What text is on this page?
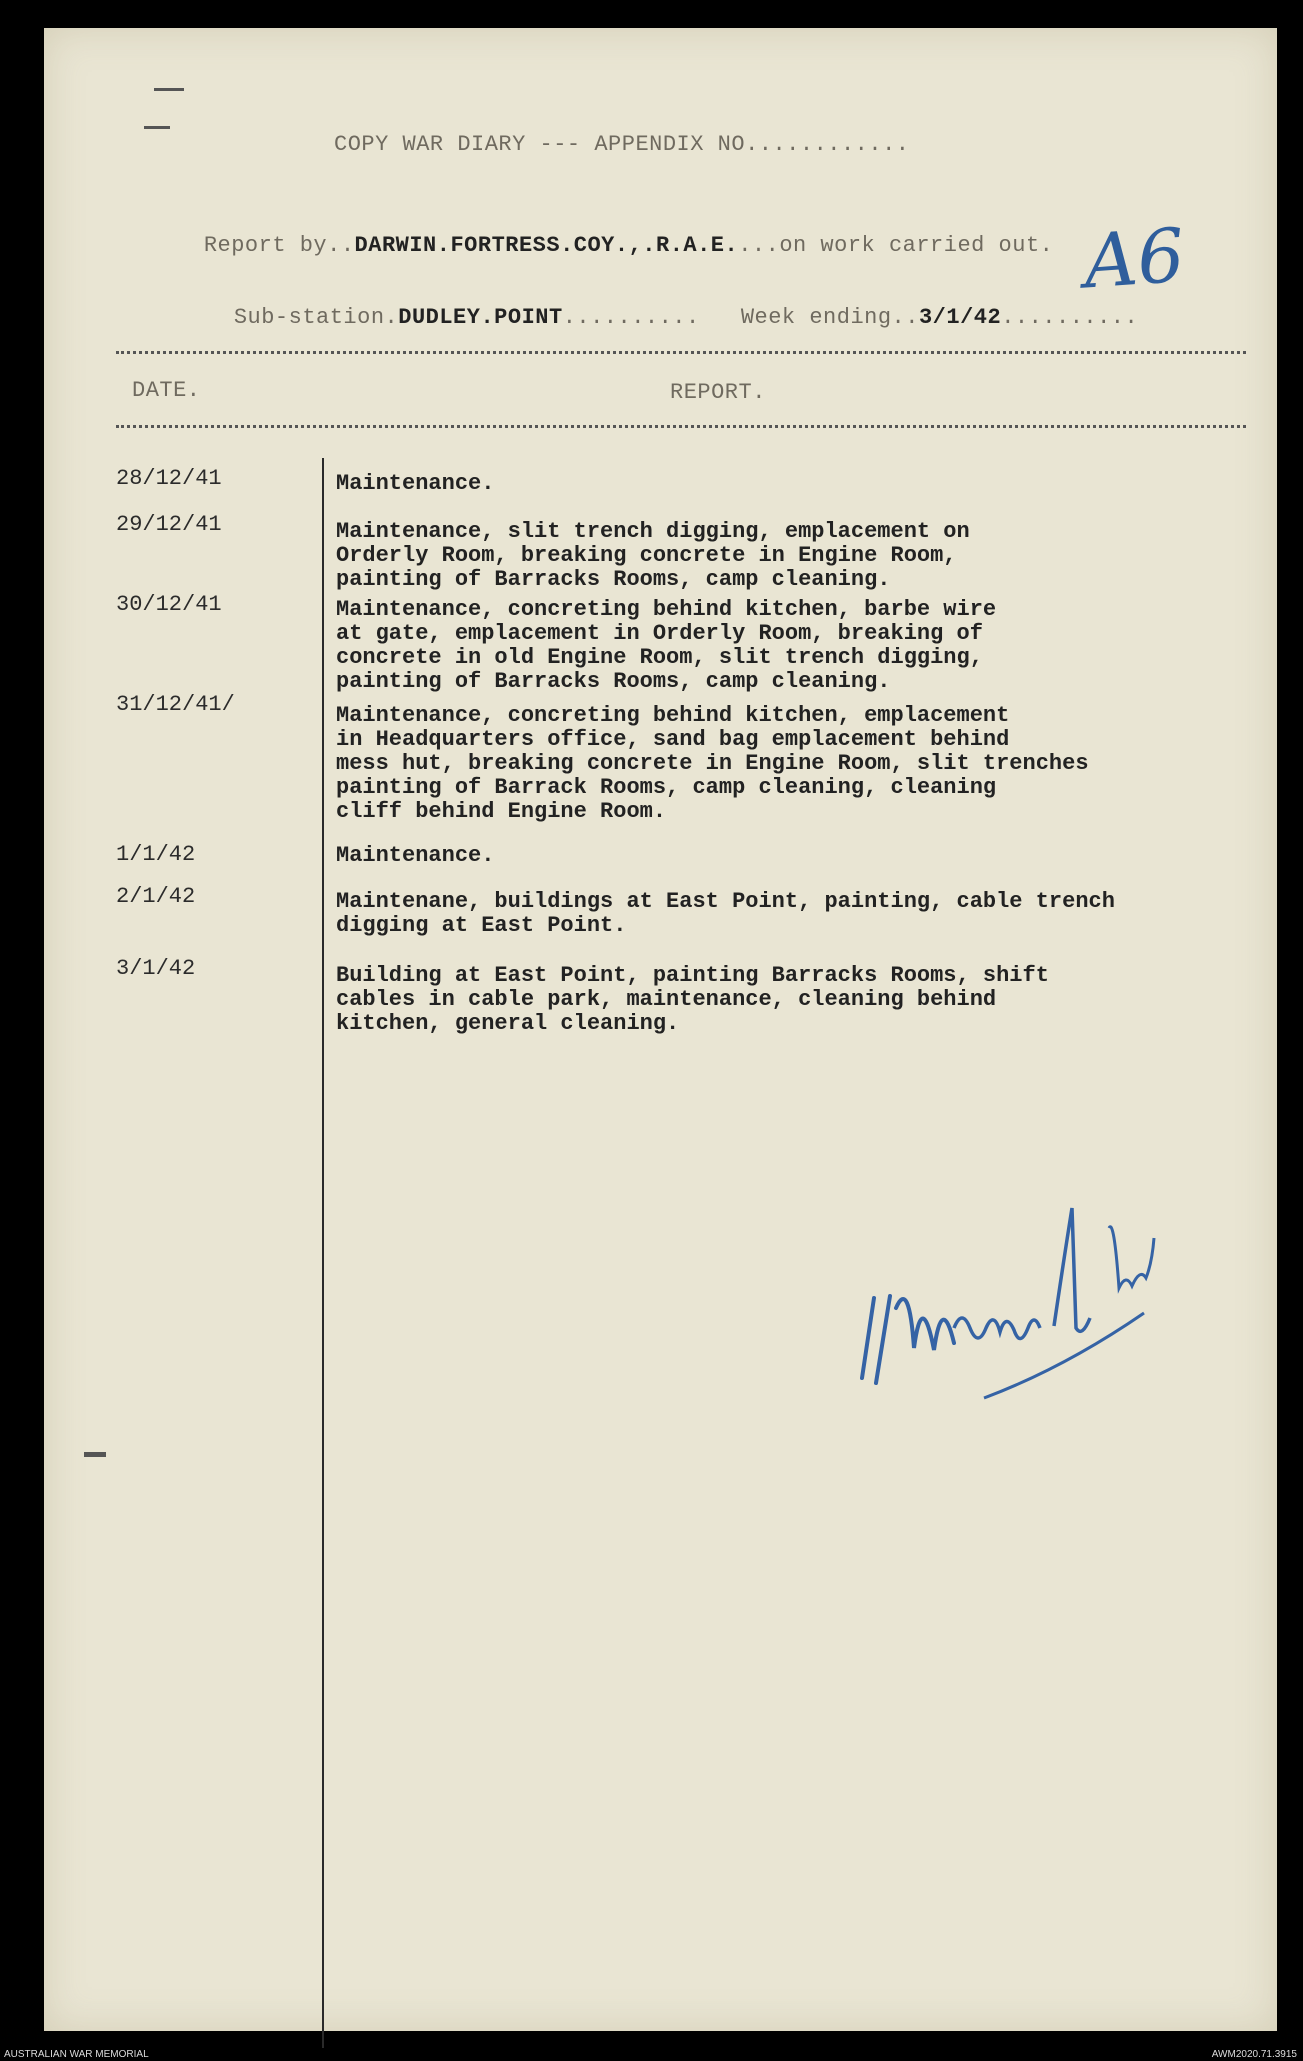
COPY WAR DIARY --- APPENDIX NO............

Report by..DARWIN.FORTRESS.COY.,.R.A.E....on work carried out.
A6

Sub-station.DUDLEY.POINT.......... Week ending..3/1/42..........

DATE.	REPORT.
28/12/41	Maintenance.
29/12/41	Maintenance, slit trench digging, emplacement on
Orderly Room, breaking concrete in Engine Room,
painting of Barracks Rooms, camp cleaning.
30/12/41	Maintenance, concreting behind kitchen, barbe wire
at gate, emplacement in Orderly Room, breaking of
concrete in old Engine Room, slit trench digging,
painting of Barracks Rooms, camp cleaning.
31/12/41/	Maintenance, concreting behind kitchen, emplacement
in Headquarters office, sand bag emplacement behind
mess hut, breaking concrete in Engine Room, slit trenches
painting of Barrack Rooms, camp cleaning, cleaning
cliff behind Engine Room.
1/1/42	Maintenance.
2/1/42	Maintenane, buildings at East Point, painting, cable trench
digging at East Point.
3/1/42	Building at East Point, painting Barracks Rooms, shift
cables in cable park, maintenance, cleaning behind
kitchen, general cleaning.
AUSTRALIAN WAR MEMORIAL	AWM2020.71.3915
